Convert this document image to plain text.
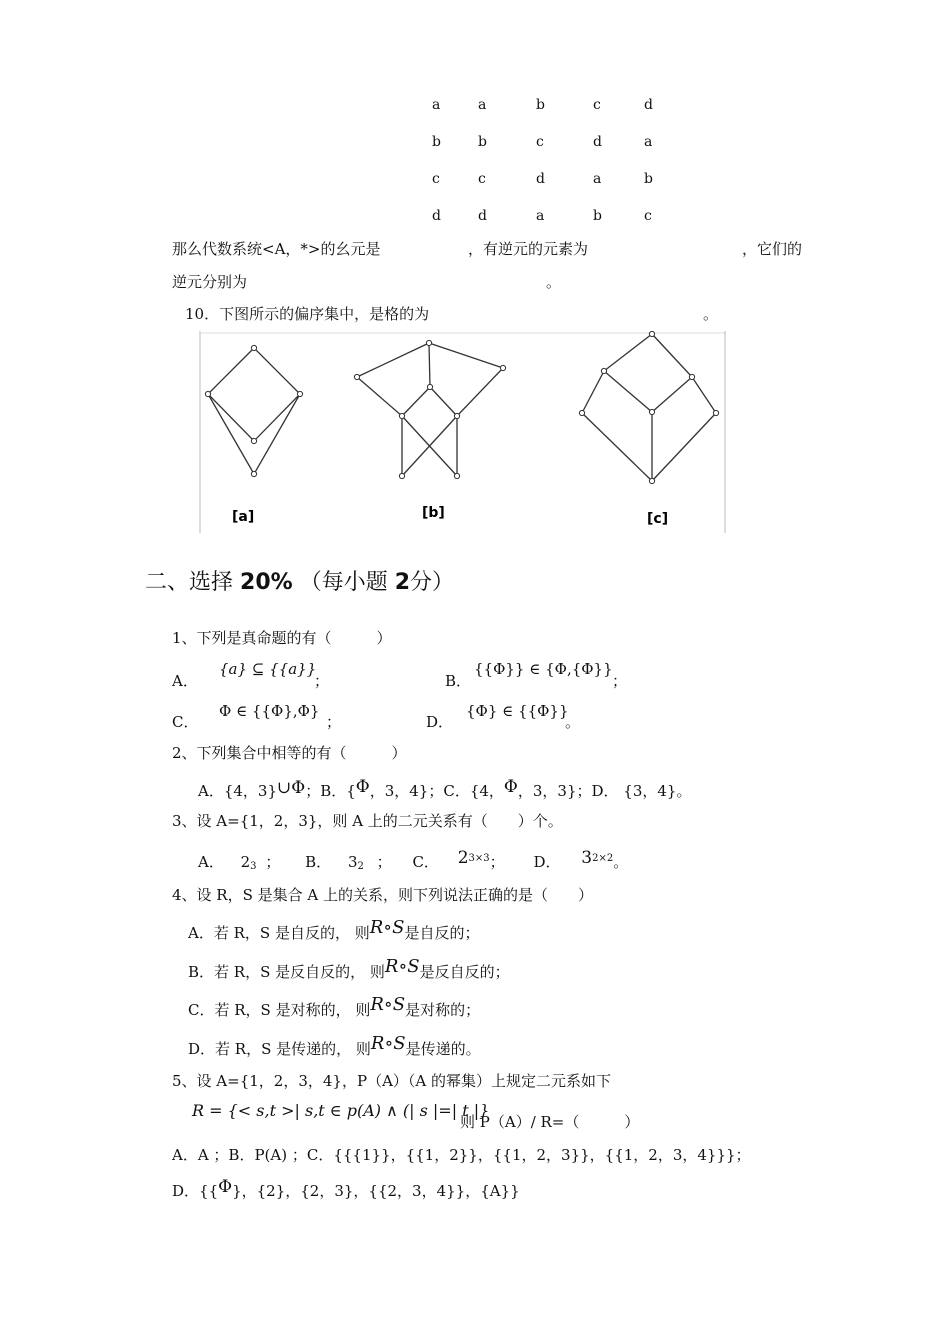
a	a	b	c	d
b	b	c	d	a
c	c	d	a	b
d	d	a	b	c
那么代数系统<A，*>的幺元是	，有逆元的元素为	，它们的
逆元分别为	。
10．下图所示的偏序集中，是格的为	。
[a]	[b]	[c]
二、选择 20% （每小题 2分）
1、下列是真命题的有（　　　）
A．
{a} ⊆ {{a}}
；	B．
{{Φ}} ∈ {Φ,{Φ}}
；
C．
Φ ∈ {{Φ},Φ}
；	D．
{Φ} ∈ {{Φ}}
。
2、下列集合中相等的有（　　　）
A．{4，3}∪Φ；B．{Φ，3，4}；C．{4，Φ，3，3}；D． {3，4}。
3、设 A={1，2，3}，则 A 上的二元关系有（　　）个。
A． $2_3$ ； B． $3_2$ ； C． $2^{3\times 3}$； D． $3^{2\times 2}$。
4、设 R，S 是集合 A 上的关系，则下列说法正确的是（　　）
A．若 R，S 是自反的， 则R∘S是自反的；
B．若 R，S 是反自反的， 则R∘S是反自反的；
C．若 R，S 是对称的， 则R∘S是对称的；
D．若 R，S 是传递的， 则R∘S是传递的。
5、设 A={1，2，3，4}，P（A）（A 的幂集）上规定二元系如下
R = {< s,t >| s,t ∈ p(A) ∧ (| s |=| t |}
则 P（A）/ R=（　　　）
A．A ；B．P(A) ；C．{{{1}}，{{1，2}}，{{1，2，3}}，{{1，2，3，4}}}；
D．{{Φ}，{2}，{2，3}，{{2，3，4}}，{A}}
